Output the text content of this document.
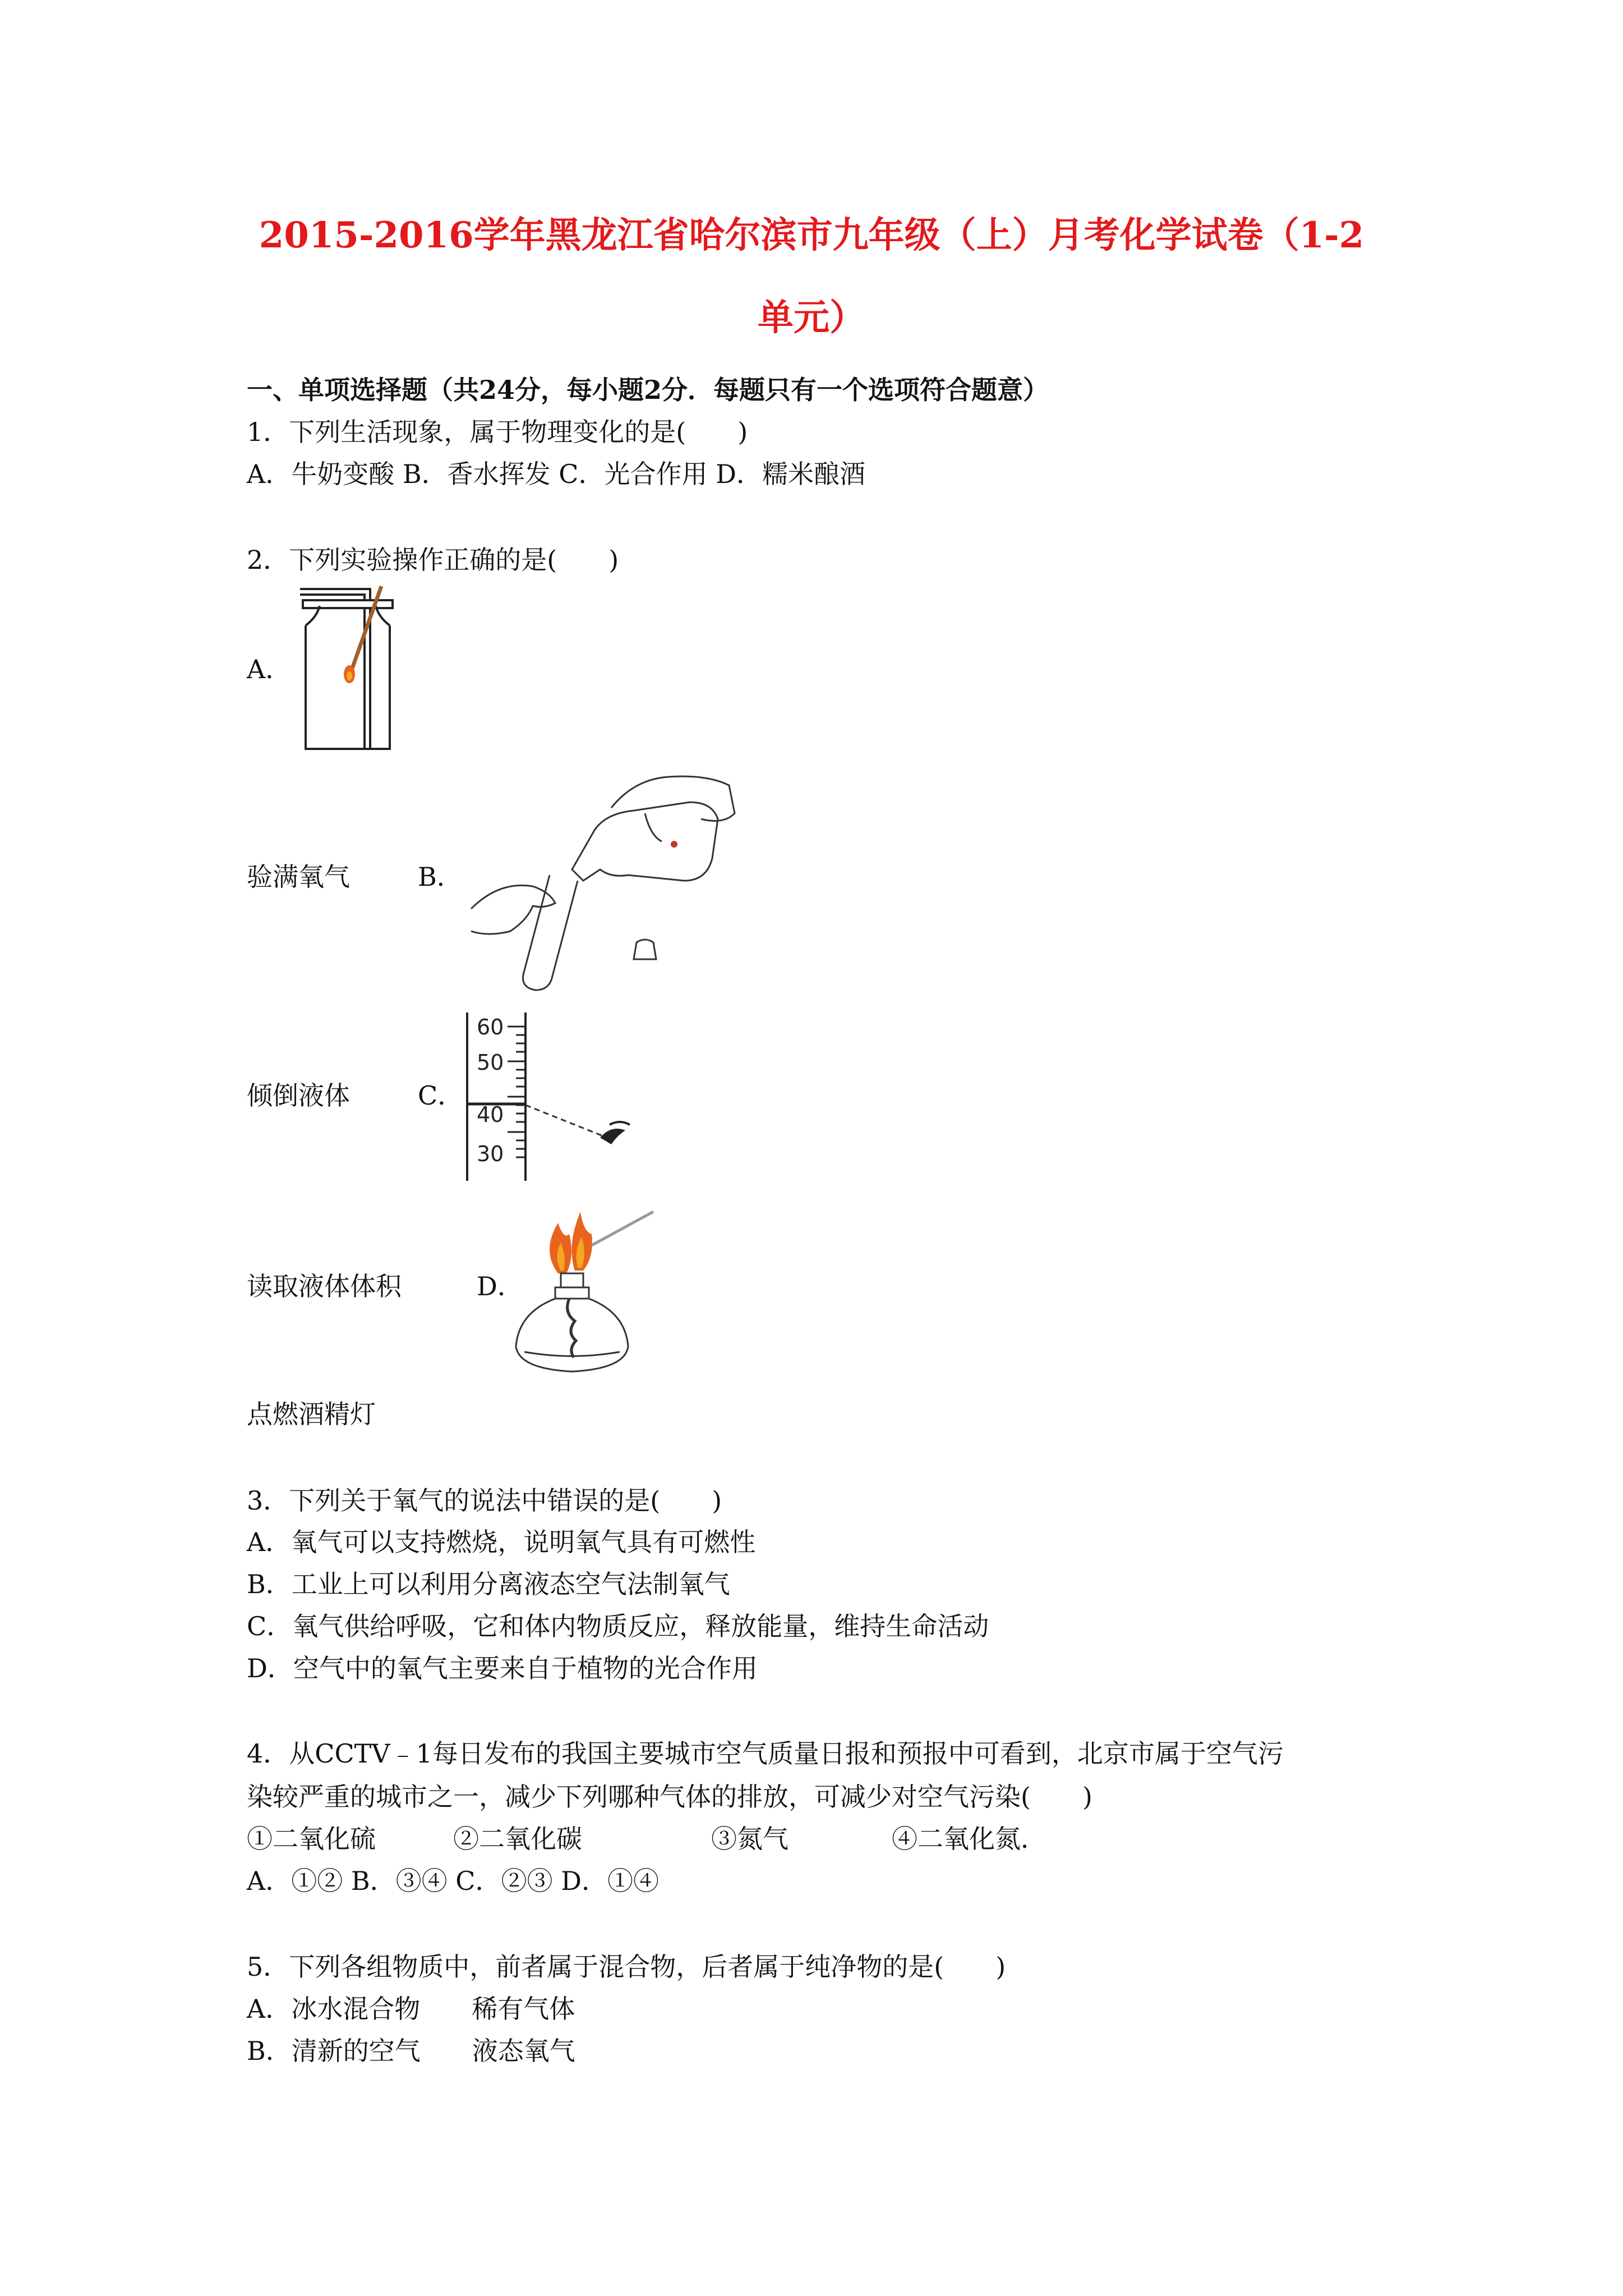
2015-2016学年黑龙江省哈尔滨市九年级（上）月考化学试卷（1-2
单元）

一、单项选择题（共24分，每小题2分．每题只有一个选项符合题意）

1．下列生活现象，属于物理变化的是(　　)

A．牛奶变酸 B．香水挥发 C．光合作用 D．糯米酿酒

2．下列实验操作正确的是(　　)

A．

验满氧气	B．

倾倒液体	C．

60
50
40
30

读取液体体积	D．

点燃酒精灯

3．下列关于氧气的说法中错误的是(　　)

A．氧气可以支持燃烧，说明氧气具有可燃性

B．工业上可以利用分离液态空气法制氧气

C．氧气供给呼吸，它和体内物质反应，释放能量，维持生命活动

D．空气中的氧气主要来自于植物的光合作用

4．从CCTV﹣1每日发布的我国主要城市空气质量日报和预报中可看到，北京市属于空气污

染较严重的城市之一，减少下列哪种气体的排放，可减少对空气污染(　　)

①二氧化硫　　　②二氧化碳　　　　　③氮气　　　　④二氧化氮．

A．①② B．③④ C．②③ D．①④

5．下列各组物质中，前者属于混合物，后者属于纯净物的是(　　)

A．冰水混合物　　稀有气体

B．清新的空气　　液态氧气
